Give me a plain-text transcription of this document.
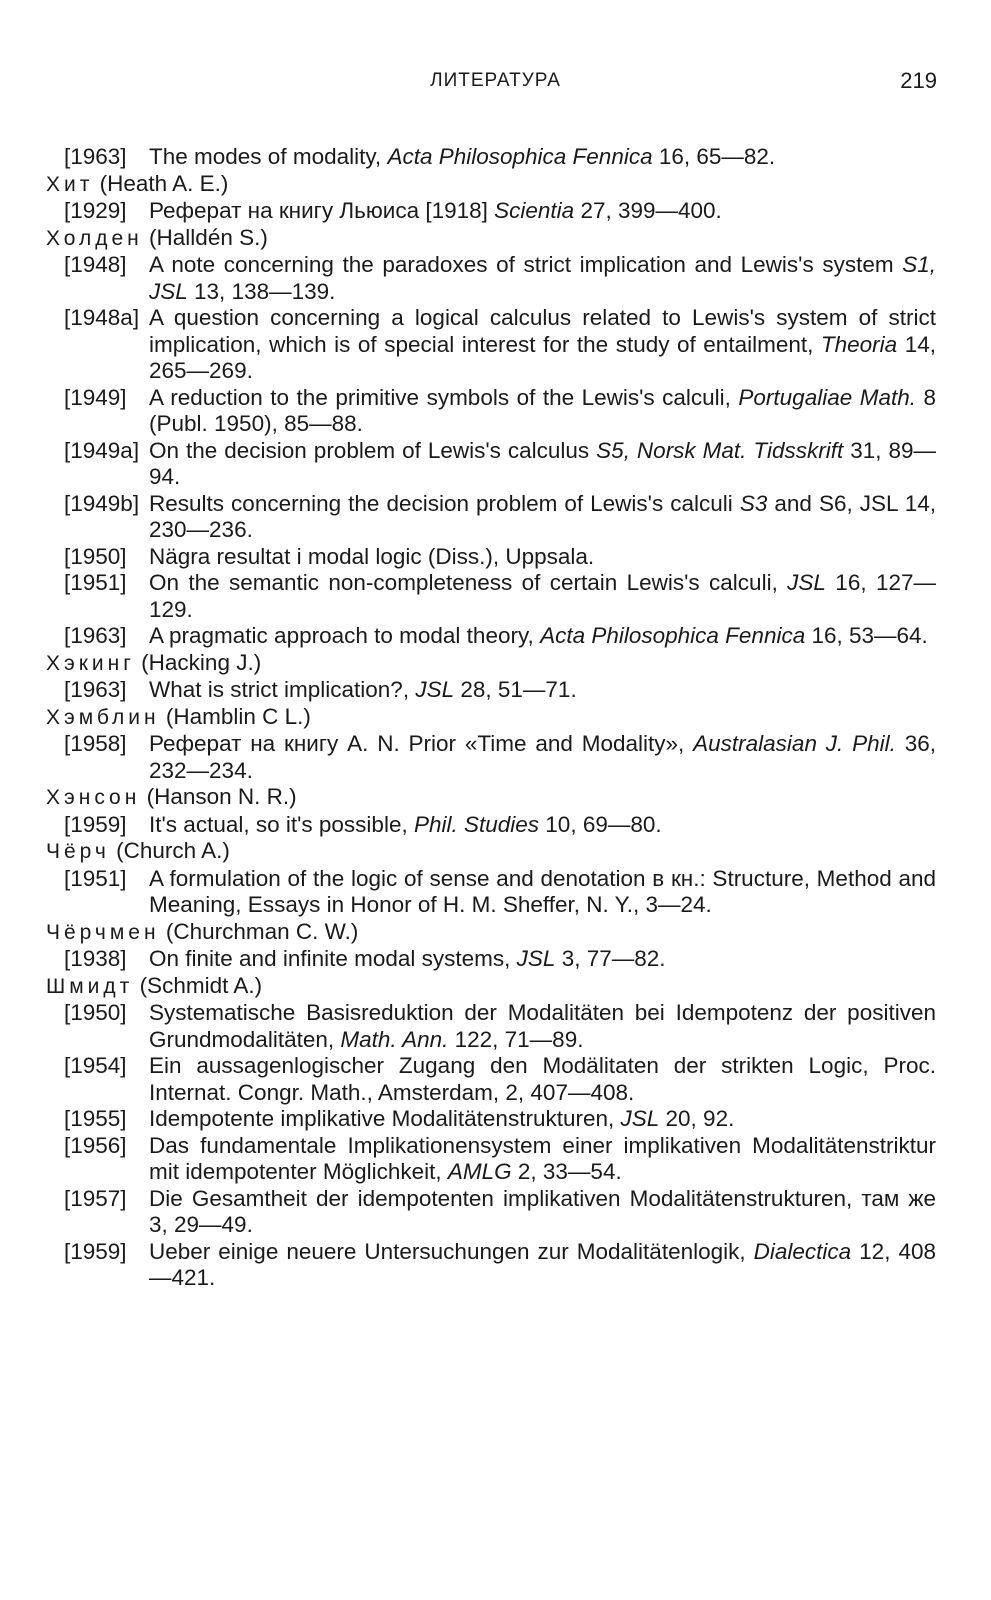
ЛИТЕРАТУРА	219

[1963] The modes of modality, Acta Philosophica Fennica 16, 65—82.

Хит (Heath A. E.)

[1929] Реферат на книгу Льюиса [1918] Scientia 27, 399—400.

Холден (Halldén S.)

[1948] A note concerning the paradoxes of strict implication and Lewis's system S1, JSL 13, 138—139.

[1948a] A question concerning a logical calculus related to Lewis's system of strict implication, which is of special interest for the study of entailment, Theoria 14, 265—269.

[1949] A reduction to the primitive symbols of the Lewis's calculi, Portugaliae Math. 8 (Publ. 1950), 85—88.

[1949a] On the decision problem of Lewis's calculus S5, Norsk Mat. Tidsskrift 31, 89—94.

[1949b] Results concerning the decision problem of Lewis's calculi S3 and S6, JSL 14, 230—236.

[1950] Nägra resultat i modal logic (Diss.), Uppsala.

[1951] On the semantic non-completeness of certain Lewis's calculi, JSL 16, 127—129.

[1963] A pragmatic approach to modal theory, Acta Philosophica Fennica 16, 53—64.

Хэкинг (Hacking J.)

[1963] What is strict implication?, JSL 28, 51—71.

Хэмблин (Hamblin C L.)

[1958] Реферат на книгу A. N. Prior «Time and Modality», Australasian J. Phil. 36, 232—234.

Хэнсон (Hanson N. R.)

[1959] It's actual, so it's possible, Phil. Studies 10, 69—80.

Чёрч (Church A.)

[1951] A formulation of the logic of sense and denotation в кн.: Structure, Method and Meaning, Essays in Honor of H. M. Sheffer, N. Y., 3—24.

Чёрчмен (Churchman C. W.)

[1938] On finite and infinite modal systems, JSL 3, 77—82.

Шмидт (Schmidt A.)

[1950] Systematische Basisreduktion der Modalitäten bei Idempotenz der positiven Grundmodalitäten, Math. Ann. 122, 71—89.

[1954] Ein aussagenlogischer Zugang den Modälitaten der strikten Logic, Proc. Internat. Congr. Math., Amsterdam, 2, 407—408.

[1955] Idempotente implikative Modalitätenstrukturen, JSL 20, 92.

[1956] Das fundamentale Implikationensystem einer implikativen Modalitätenstriktur mit idempotenter Möglichkeit, AMLG 2, 33—54.

[1957] Die Gesamtheit der idempotenten implikativen Modalitätenstrukturen, там же 3, 29—49.

[1959] Ueber einige neuere Untersuchungen zur Modalitätenlogik, Dialectica 12, 408—421.
